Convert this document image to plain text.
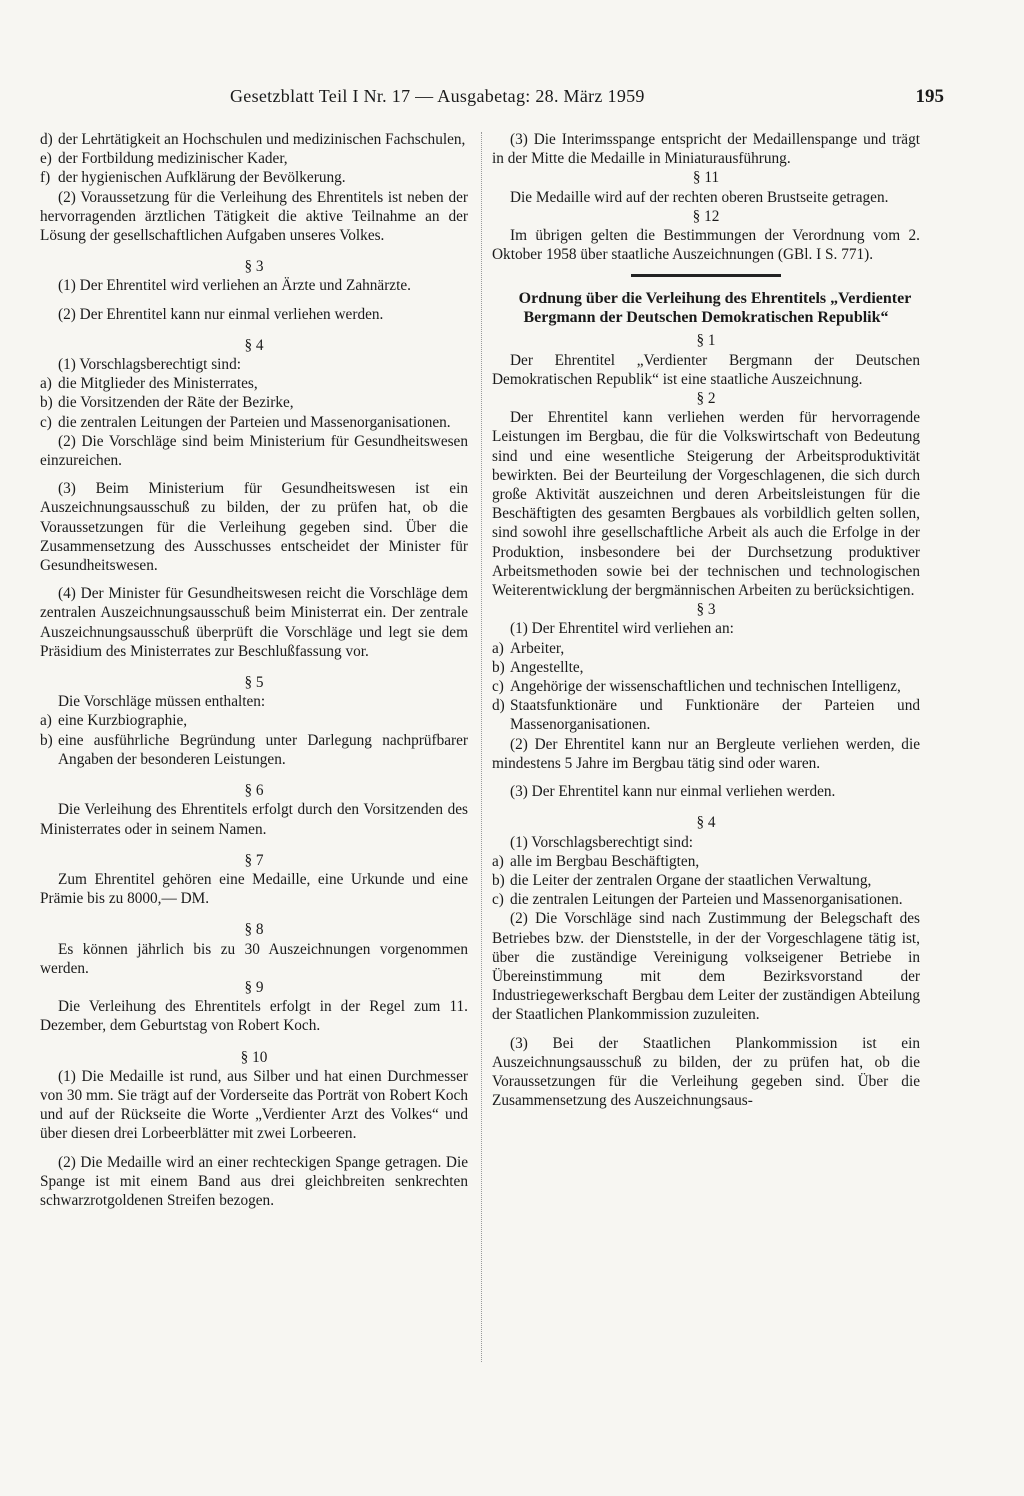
Gesetzblatt Teil I Nr. 17 — Ausgabetag: 28. März 1959	195
d) der Lehrtätigkeit an Hochschulen und medizinischen Fachschulen,
e) der Fortbildung medizinischer Kader,
f) der hygienischen Aufklärung der Bevölkerung.

(2) Voraussetzung für die Verleihung des Ehrentitels ist neben der hervorragenden ärztlichen Tätigkeit die aktive Teilnahme an der Lösung der gesellschaftlichen Aufgaben unseres Volkes.

§ 3

(1) Der Ehrentitel wird verliehen an Ärzte und Zahnärzte.

(2) Der Ehrentitel kann nur einmal verliehen werden.

§ 4

(1) Vorschlagsberechtigt sind:

a) die Mitglieder des Ministerrates,
b) die Vorsitzenden der Räte der Bezirke,
c) die zentralen Leitungen der Parteien und Massenorganisationen.

(2) Die Vorschläge sind beim Ministerium für Gesundheitswesen einzureichen.

(3) Beim Ministerium für Gesundheitswesen ist ein Auszeichnungsausschuß zu bilden, der zu prüfen hat, ob die Voraussetzungen für die Verleihung gegeben sind. Über die Zusammensetzung des Ausschusses entscheidet der Minister für Gesundheitswesen.

(4) Der Minister für Gesundheitswesen reicht die Vorschläge dem zentralen Auszeichnungsausschuß beim Ministerrat ein. Der zentrale Auszeichnungsausschuß überprüft die Vorschläge und legt sie dem Präsidium des Ministerrates zur Beschlußfassung vor.

§ 5

Die Vorschläge müssen enthalten:

a) eine Kurzbiographie,
b) eine ausführliche Begründung unter Darlegung nachprüfbarer Angaben der besonderen Leistungen.

§ 6

Die Verleihung des Ehrentitels erfolgt durch den Vorsitzenden des Ministerrates oder in seinem Namen.

§ 7

Zum Ehrentitel gehören eine Medaille, eine Urkunde und eine Prämie bis zu 8000,— DM.

§ 8

Es können jährlich bis zu 30 Auszeichnungen vorgenommen werden.

§ 9

Die Verleihung des Ehrentitels erfolgt in der Regel zum 11. Dezember, dem Geburtstag von Robert Koch.

§ 10

(1) Die Medaille ist rund, aus Silber und hat einen Durchmesser von 30 mm. Sie trägt auf der Vorderseite das Porträt von Robert Koch und auf der Rückseite die Worte „Verdienter Arzt des Volkes“ und über diesen drei Lorbeerblätter mit zwei Lorbeeren.

(2) Die Medaille wird an einer rechteckigen Spange getragen. Die Spange ist mit einem Band aus drei gleichbreiten senkrechten schwarzrotgoldenen Streifen bezogen.

(3) Die Interimsspange entspricht der Medaillenspange und trägt in der Mitte die Medaille in Miniaturausführung.

§ 11

Die Medaille wird auf der rechten oberen Brustseite getragen.

§ 12

Im übrigen gelten die Bestimmungen der Verordnung vom 2. Oktober 1958 über staatliche Auszeichnungen (GBl. I S. 771).

Ordnung über die Verleihung des Ehrentitels „Verdienter Bergmann der Deutschen Demokratischen Republik“

§ 1

Der Ehrentitel „Verdienter Bergmann der Deutschen Demokratischen Republik“ ist eine staatliche Auszeichnung.

§ 2

Der Ehrentitel kann verliehen werden für hervorragende Leistungen im Bergbau, die für die Volkswirtschaft von Bedeutung sind und eine wesentliche Steigerung der Arbeitsproduktivität bewirkten. Bei der Beurteilung der Vorgeschlagenen, die sich durch große Aktivität auszeichnen und deren Arbeitsleistungen für die Beschäftigten des gesamten Bergbaues als vorbildlich gelten sollen, sind sowohl ihre gesellschaftliche Arbeit als auch die Erfolge in der Produktion, insbesondere bei der Durchsetzung produktiver Arbeitsmethoden sowie bei der technischen und technologischen Weiterentwicklung der bergmännischen Arbeiten zu berücksichtigen.

§ 3

(1) Der Ehrentitel wird verliehen an:

a) Arbeiter,
b) Angestellte,
c) Angehörige der wissenschaftlichen und technischen Intelligenz,
d) Staatsfunktionäre und Funktionäre der Parteien und Massenorganisationen.

(2) Der Ehrentitel kann nur an Bergleute verliehen werden, die mindestens 5 Jahre im Bergbau tätig sind oder waren.

(3) Der Ehrentitel kann nur einmal verliehen werden.

§ 4

(1) Vorschlagsberechtigt sind:

a) alle im Bergbau Beschäftigten,
b) die Leiter der zentralen Organe der staatlichen Verwaltung,
c) die zentralen Leitungen der Parteien und Massenorganisationen.

(2) Die Vorschläge sind nach Zustimmung der Belegschaft des Betriebes bzw. der Dienststelle, in der der Vorgeschlagene tätig ist, über die zuständige Vereinigung volkseigener Betriebe in Übereinstimmung mit dem Bezirksvorstand der Industriegewerkschaft Bergbau dem Leiter der zuständigen Abteilung der Staatlichen Plankommission zuzuleiten.

(3) Bei der Staatlichen Plankommission ist ein Auszeichnungsausschuß zu bilden, der zu prüfen hat, ob die Voraussetzungen für die Verleihung gegeben sind. Über die Zusammensetzung des Auszeichnungsaus-
